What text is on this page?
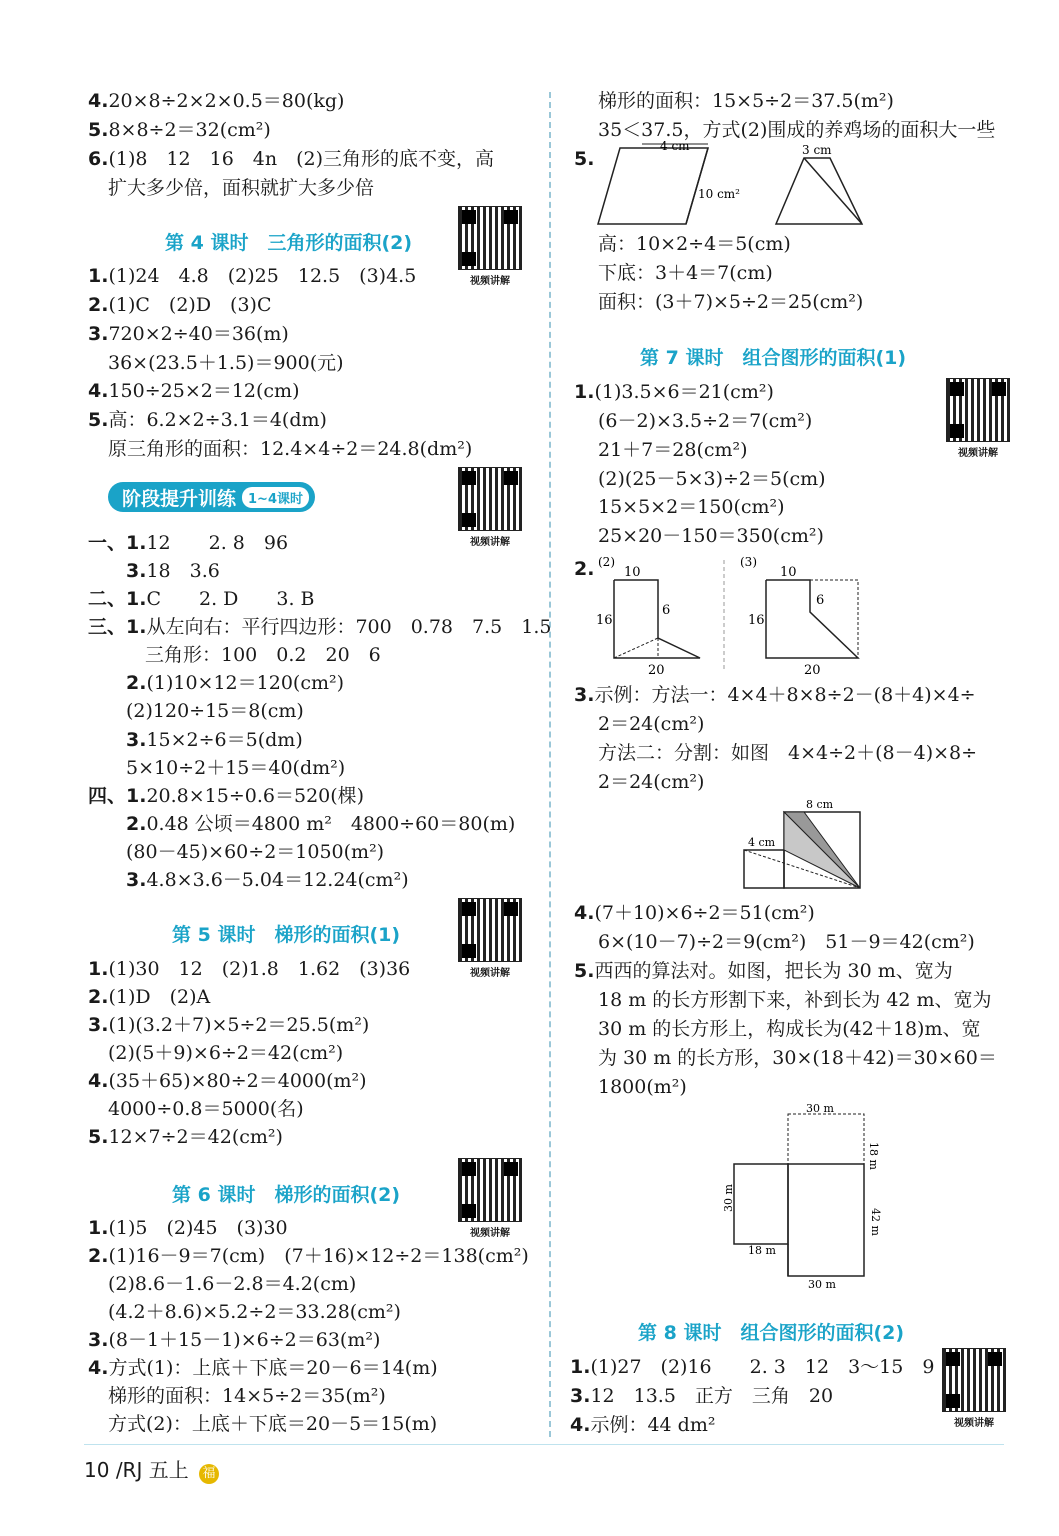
4.20×8÷2×2×0.5＝80(kg)
5.8×8÷2＝32(cm²)
6.(1)8　12　16　4n　(2)三角形的底不变，高
扩大多少倍，面积就扩大多少倍
第 4 课时　三角形的面积(2)
视频讲解
1.(1)24　4.8　(2)25　12.5　(3)4.5
2.(1)C　(2)D　(3)C
3.720×2÷40＝36(m)
36×(23.5＋1.5)＝900(元)
4.150÷25×2＝12(cm)
5.高：6.2×2÷3.1＝4(dm)
原三角形的面积：12.4×4÷2＝24.8(dm²)
阶段提升训练 1~4课时
视频讲解
一、1.12　　2. 8　96
　　3.18　3.6
二、1.C　　2. D　　3. B
三、1.从左向右：平行四边形：700　0.78　7.5　1.5
　　　三角形：100　0.2　20　6
　　2.(1)10×12＝120(cm²)
　　(2)120÷15＝8(cm)
　　3.15×2÷6＝5(dm)
　　5×10÷2＋15＝40(dm²)
四、1.20.8×15÷0.6＝520(棵)
　　2.0.48 公顷＝4800 m²　4800÷60＝80(m)
　　(80－45)×60÷2＝1050(m²)
　　3.4.8×3.6－5.04＝12.24(cm²)
第 5 课时　梯形的面积(1)
视频讲解
1.(1)30　12　(2)1.8　1.62　(3)36
2.(1)D　(2)A
3.(1)(3.2＋7)×5÷2＝25.5(m²)
(2)(5＋9)×6÷2＝42(cm²)
4.(35＋65)×80÷2＝4000(m²)
4000÷0.8＝5000(名)
5.12×7÷2＝42(cm²)
第 6 课时　梯形的面积(2)
视频讲解
1.(1)5　(2)45　(3)30
2.(1)16－9＝7(cm)　(7＋16)×12÷2＝138(cm²)
(2)8.6－1.6－2.8＝4.2(cm)
(4.2＋8.6)×5.2÷2＝33.28(cm²)
3.(8－1＋15－1)×6÷2＝63(m²)
4.方式(1)：上底＋下底＝20－6＝14(m)
梯形的面积：14×5÷2＝35(m²)
方式(2)：上底＋下底＝20－5＝15(m)
梯形的面积：15×5÷2＝37.5(m²)
35＜37.5，方式(2)围成的养鸡场的面积大一些
5.
4 cm
10 cm²
3 cm
高：10×2÷4＝5(cm)
下底：3＋4＝7(cm)
面积：(3＋7)×5÷2＝25(cm²)
第 7 课时　组合图形的面积(1)
视频讲解
1.(1)3.5×6＝21(cm²)
(6－2)×3.5÷2＝7(cm²)
21＋7＝28(cm²)
(2)(25－5×3)÷2＝5(cm)
15×5×2＝150(cm²)
25×20－150＝350(cm²)
2. (2)
10
6
16
20
(3)
10
6
16
20
3.示例：方法一：4×4＋8×8÷2－(8＋4)×4÷
2＝24(cm²)
方法二：分割：如图　4×4÷2＋(8－4)×8÷
2＝24(cm²)
8 cm
4 cm
4.(7＋10)×6÷2＝51(cm²)
6×(10－7)÷2＝9(cm²)　51－9＝42(cm²)
5.西西的算法对。如图，把长为 30 m、宽为
18 m 的长方形割下来，补到长为 42 m、宽为
30 m 的长方形上，构成长为(42＋18)m、宽
为 30 m 的长方形，30×(18＋42)＝30×60＝
1800(m²)
30 m
18 m
30 m
42 m
18 m
30 m
第 8 课时　组合图形的面积(2)
视频讲解
1.(1)27　(2)16　　2. 3　12　3～15　9
3.12　13.5　正方　三角　20
4.示例：44 dm²
10 /RJ 五上 福
